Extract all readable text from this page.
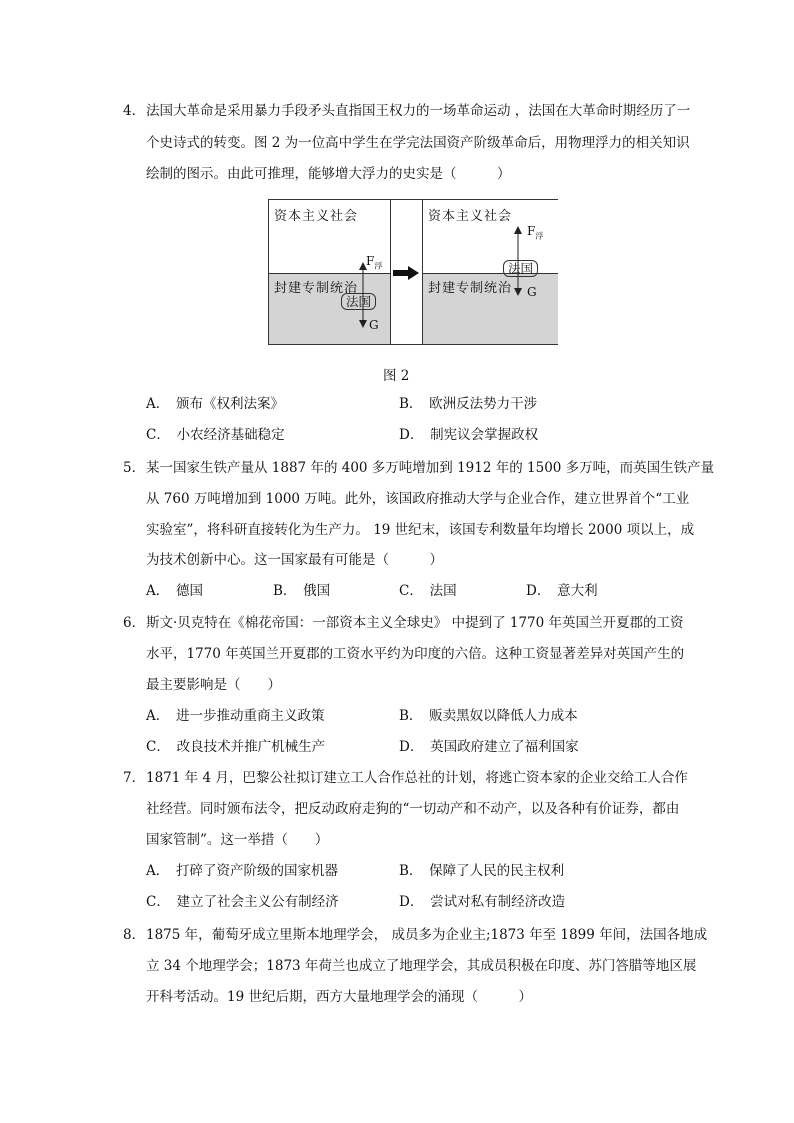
4． 法国大革命是采用暴力手段矛头直指国王权力的一场革命运动 ，法国在大革命时期经历了一
个史诗式的转变。图 2 为一位高中学生在学完法国资产阶级革命后，用物理浮力的相关知识
绘制的图示。由此可推理，能够增大浮力的史实是（　　　）
资本主义社会
封建专制统治
$F_浮$
G
法国
资本主义社会
封建专制统治
$F_浮$
G
法国
图 2
A．　颁布《权利法案》	B．　欧洲反法势力干涉
C．　小农经济基础稳定	D．　制宪议会掌握政权
5． 某一国家生铁产量从 1887 年的 400 多万吨增加到 1912 年的 1500 多万吨，而英国生铁产量
从 760 万吨增加到 1000 万吨。此外，该国政府推动大学与企业合作，建立世界首个“工业
实验室”，将科研直接转化为生产力。 19 世纪末，该国专利数量年均增长 2000 项以上，成
为技术创新中心。这一国家最有可能是（　　　）
A．　德国	B．　俄国	C．　法国	D．　意大利
6． 斯文·贝克特在《棉花帝国：一部资本主义全球史》 中提到了 1770 年英国兰开夏郡的工资
水平，1770 年英国兰开夏郡的工资水平约为印度的六倍。这种工资显著差异对英国产生的
最主要影响是（　　）
A．　进一步推动重商主义政策	B．　贩卖黑奴以降低人力成本
C．　改良技术并推广机械生产	D．　英国政府建立了福利国家
7． 1871 年 4 月，巴黎公社拟订建立工人合作总社的计划，将逃亡资本家的企业交给工人合作
社经营。同时颁布法令，把反动政府走狗的“一切动产和不动产，以及各种有价证券，都由
国家管制”。这一举措（　　）
A．　打碎了资产阶级的国家机器	B．　保障了人民的民主权利
C．　建立了社会主义公有制经济	D．　尝试对私有制经济改造
8． 1875 年，葡萄牙成立里斯本地理学会， 成员多为企业主;1873 年至 1899 年间，法国各地成
立 34 个地理学会；1873 年荷兰也成立了地理学会，其成员积极在印度、苏门答腊等地区展
开科考活动。19 世纪后期，西方大量地理学会的涌现（　　　）
